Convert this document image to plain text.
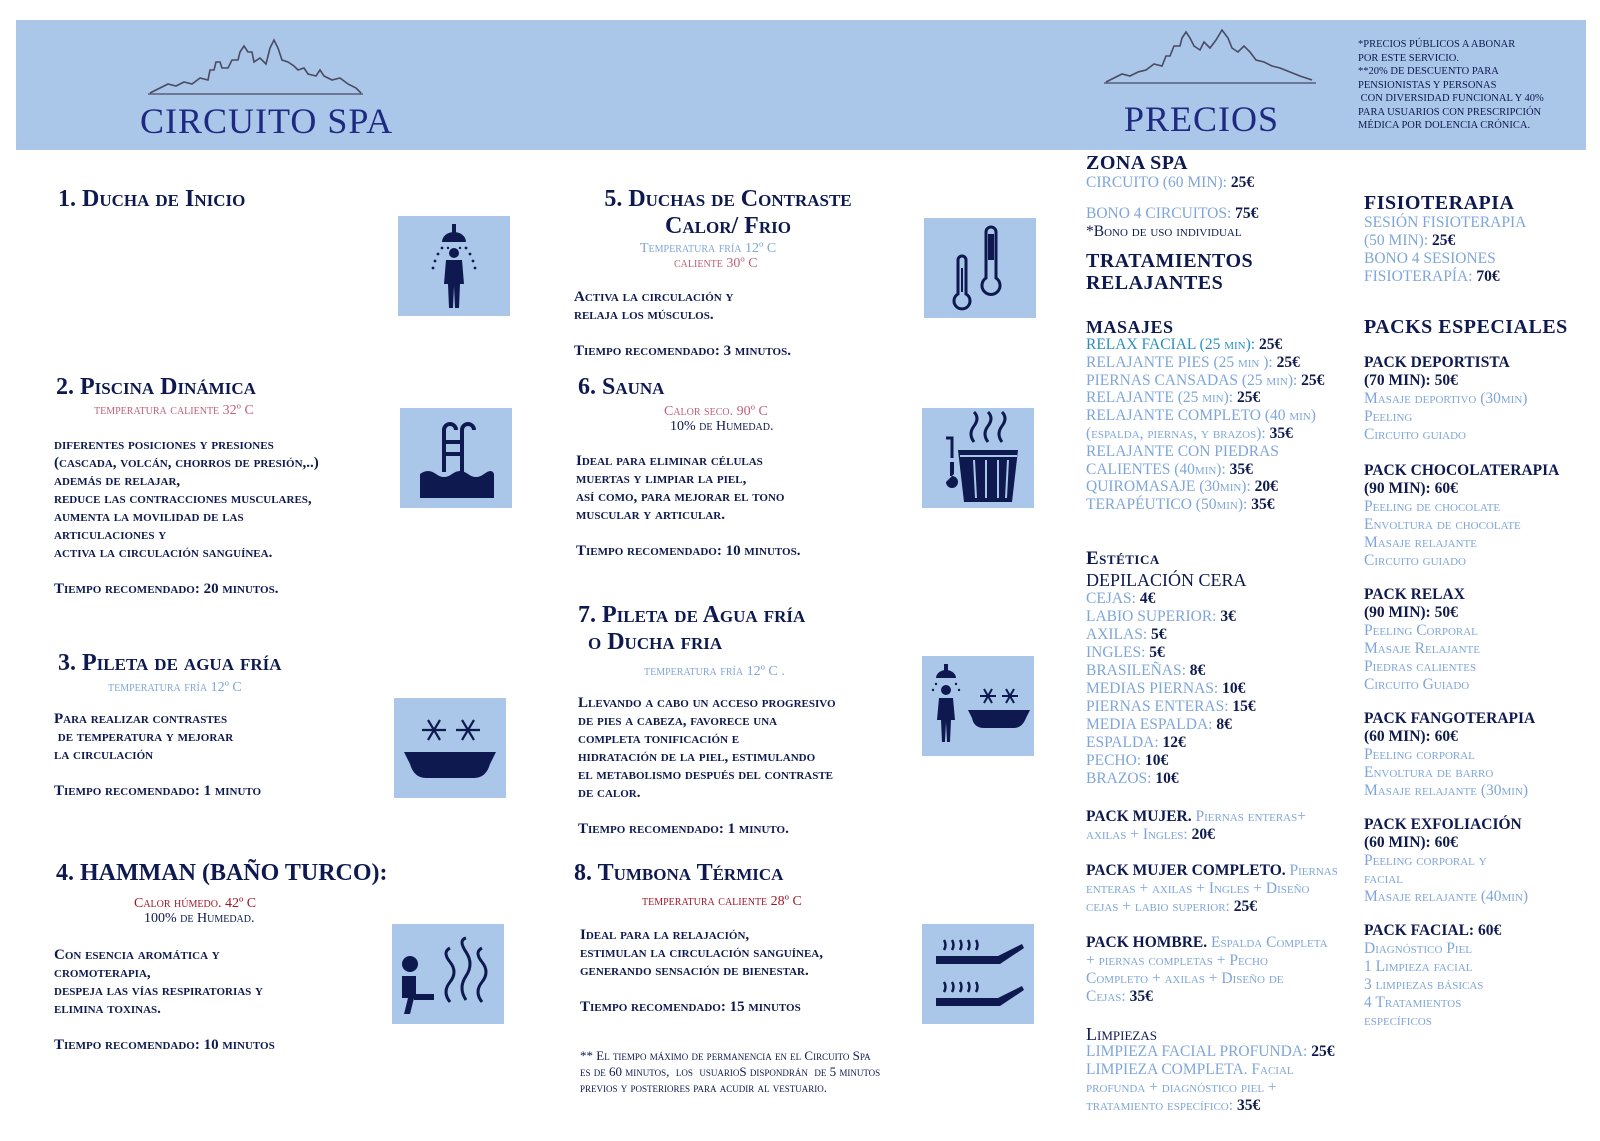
CIRCUITO SPA	PRECIOS
*PRECIOS PÚBLICOS A ABONAR
POR ESTE SERVICIO.
**20% DE DESCUENTO PARA
PENSIONISTAS Y PERSONAS
CON DIVERSIDAD FUNCIONAL Y 40%
PARA USUARIOS CON PRESCRIPCIÓN
MÉDICA POR DOLENCIA CRÓNICA.
1. Ducha de Inicio
2. Piscina Dinámica
temperatura caliente 32º C
diferentes posiciones y presiones
(cascada, volcán, chorros de presión,..)
además de relajar,
reduce las contracciones musculares,
aumenta la movilidad de las
articulaciones y
activa la circulación sanguínea.
Tiempo recomendado: 20 minutos.
3. Pileta de agua fría
temperatura fría 12º C
Para realizar contrastes
de temperatura y mejorar
la circulación
Tiempo recomendado: 1 minuto
4. HAMMAN (BAÑO TURCO):
Calor húmedo. 42º C
100% de Humedad.
Con esencia aromática y
cromoterapia,
despeja las vías respiratorias y
elimina toxinas.
Tiempo recomendado: 10 minutos
5. Duchas de Contraste
Calor/ Frio
Temperatura fría 12º C
caliente 30º C
Activa la circulación y
relaja los músculos.
Tiempo recomendado: 3 minutos.
6. Sauna
Calor seco. 90º C
10% de Humedad.
Ideal para eliminar células
muertas y limpiar la piel,
así como, para mejorar el tono
muscular y articular.
Tiempo recomendado: 10 minutos.
7. Pileta de Agua fría
o Ducha fria
temperatura fría 12º C .
Llevando a cabo un acceso progresivo
de pies a cabeza, favorece una
completa tonificación e
hidratación de la piel, estimulando
el metabolismo después del contraste
de calor.
Tiempo recomendado: 1 minuto.
8. Tumbona Térmica
temperatura caliente 28º C
Ideal para la relajación,
estimulan la circulación sanguínea,
generando sensación de bienestar.
Tiempo recomendado: 15 minutos
** El tiempo máximo de permanencia en el Circuito Spa
es de 60 minutos,  los  usuarioS dispondrán  de 5 minutos
previos y posteriores para acudir al vestuario.
ZONA SPA
CIRCUITO (60 MIN): 25€
BONO 4 CIRCUITOS: 75€
*Bono de uso individual
TRATAMIENTOS
RELAJANTES
MASAJES
RELAX FACIAL (25 min): 25€
RELAJANTE PIES (25 min ): 25€
PIERNAS CANSADAS (25 min): 25€
RELAJANTE (25 min): 25€
RELAJANTE COMPLETO (40 min)
(espalda, piernas, y brazos): 35€
RELAJANTE CON PIEDRAS
CALIENTES (40min): 35€
QUIROMASAJE (30min): 20€
TERAPÉUTICO (50min): 35€
Estética
DEPILACIÓN CERA
CEJAS: 4€
LABIO SUPERIOR: 3€
AXILAS: 5€
INGLES: 5€
BRASILEÑAS: 8€
MEDIAS PIERNAS: 10€
PIERNAS ENTERAS: 15€
MEDIA ESPALDA: 8€
ESPALDA: 12€
PECHO: 10€
BRAZOS: 10€
PACK MUJER. Piernas enteras+
axilas + Ingles: 20€
PACK MUJER COMPLETO. Piernas
enteras + axilas + Ingles + Diseño
cejas + labio superior: 25€
PACK HOMBRE. Espalda Completa
+ piernas completas + Pecho
Completo + axilas + Diseño de
Cejas: 35€
Limpiezas
LIMPIEZA FACIAL PROFUNDA: 25€
LIMPIEZA COMPLETA. Facial
profunda + diagnóstico piel +
tratamiento específico: 35€
FISIOTERAPIA
SESIÓN FISIOTERAPIA
(50 MIN): 25€
BONO 4 SESIONES
FISIOTERAPÍA: 70€
PACKS ESPECIALES
PACK DEPORTISTA
(70 MIN): 50€
Masaje deportivo (30min)
Peeling
Circuito guiado
PACK CHOCOLATERAPIA
(90 MIN): 60€
Peeling de chocolate
Envoltura de chocolate
Masaje relajante
Circuito guiado
PACK RELAX
(90 MIN): 50€
Peeling Corporal
Masaje Relajante
Piedras calientes
Circuito Guiado
PACK FANGOTERAPIA
(60 MIN): 60€
Peeling corporal
Envoltura de barro
Masaje relajante (30min)
PACK EXFOLIACIÓN
(60 MIN): 60€
Peeling corporal y
facial
Masaje relajante (40min)
PACK FACIAL: 60€
Diagnóstico Piel
1 Limpieza facial
3 limpiezas básicas
4 Tratamientos
específicos
